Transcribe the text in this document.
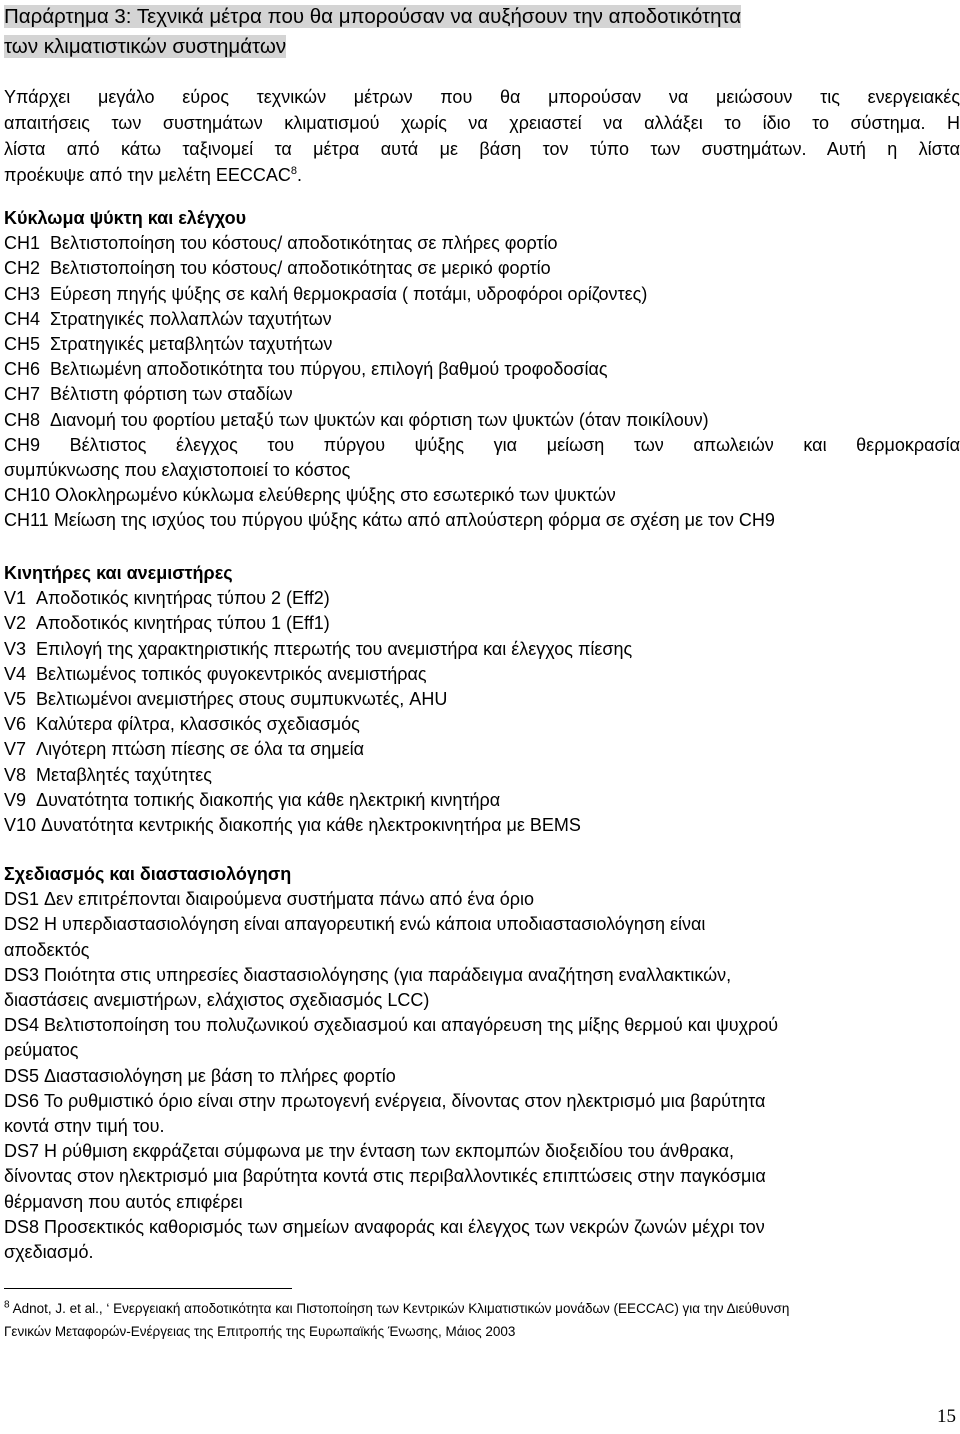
Παράρτημα 3: Τεχνικά μέτρα που θα μπορούσαν να αυξήσουν την αποδοτικότητα
των κλιματιστικών συστημάτων
Υπάρχει μεγάλο εύρος τεχνικών μέτρων που θα μπορούσαν να μειώσουν τις ενεργειακές
απαιτήσεις των συστημάτων κλιματισμού χωρίς να χρειαστεί να αλλάξει το ίδιο το σύστημα. Η
λίστα από κάτω ταξινομεί τα μέτρα αυτά με βάση τον τύπο των συστημάτων. Αυτή η λίστα
προέκυψε από την μελέτη EECCAC$^8$.
Κύκλωμα ψύκτη και ελέγχου
CH1 Βελτιστοποίηση του κόστους/ αποδοτικότητας σε πλήρες φορτίο
CH2 Βελτιστοποίηση του κόστους/ αποδοτικότητας σε μερικό φορτίο
CH3 Εύρεση πηγής ψύξης σε καλή θερμοκρασία ( ποτάμι, υδροφόροι ορίζοντες)
CH4 Στρατηγικές πολλαπλών ταχυτήτων
CH5 Στρατηγικές μεταβλητών ταχυτήτων
CH6 Βελτιωμένη αποδοτικότητα του πύργου, επιλογή βαθμού τροφοδοσίας
CH7 Βέλτιστη φόρτιση των σταδίων
CH8 Διανομή του φορτίου μεταξύ των ψυκτών και φόρτιση των ψυκτών (όταν ποικίλουν)
CH9 Βέλτιστος έλεγχος του πύργου ψύξης για μείωση των απωλειών και θερμοκρασία
συμπύκνωσης που ελαχιστοποιεί το κόστος
CH10 Ολοκληρωμένο κύκλωμα ελεύθερης ψύξης στο εσωτερικό των ψυκτών
CH11 Μείωση της ισχύος του πύργου ψύξης κάτω από απλούστερη φόρμα σε σχέση με τον CH9
Κινητήρες και ανεμιστήρες
V1 Αποδοτικός κινητήρας τύπου 2 (Eff2)
V2 Αποδοτικός κινητήρας τύπου 1 (Eff1)
V3 Επιλογή της χαρακτηριστικής πτερωτής του ανεμιστήρα και έλεγχος πίεσης
V4 Βελτιωμένος τοπικός φυγοκεντρικός ανεμιστήρας
V5 Βελτιωμένοι ανεμιστήρες στους συμπυκνωτές, AHU
V6 Καλύτερα φίλτρα, κλασσικός σχεδιασμός
V7 Λιγότερη πτώση πίεσης σε όλα τα σημεία
V8 Μεταβλητές ταχύτητες
V9 Δυνατότητα τοπικής διακοπής για κάθε ηλεκτρική κινητήρα
V10 Δυνατότητα κεντρικής διακοπής για κάθε ηλεκτροκινητήρα με BEMS
Σχεδιασμός και διαστασιολόγηση
DS1 Δεν επιτρέπονται διαιρούμενα συστήματα πάνω από ένα όριο
DS2 Η υπερδιαστασιολόγηση είναι απαγορευτική ενώ κάποια υποδιαστασιολόγηση είναι
αποδεκτός
DS3 Ποιότητα στις υπηρεσίες διαστασιολόγησης (για παράδειγμα αναζήτηση εναλλακτικών,
διαστάσεις ανεμιστήρων, ελάχιστος σχεδιασμός LCC)
DS4 Βελτιστοποίηση του πολυζωνικού σχεδιασμού και απαγόρευση της μίξης θερμού και ψυχρού
ρεύματος
DS5 Διαστασιολόγηση με βάση το πλήρες φορτίο
DS6 Το ρυθμιστικό όριο είναι στην πρωτογενή ενέργεια, δίνοντας στον ηλεκτρισμό μια βαρύτητα
κοντά στην τιμή του.
DS7 Η ρύθμιση εκφράζεται σύμφωνα με την ένταση των εκπομπών διοξειδίου του άνθρακα,
δίνοντας στον ηλεκτρισμό μια βαρύτητα κοντά στις περιβαλλοντικές επιπτώσεις στην παγκόσμια
θέρμανση που αυτός επιφέρει
DS8 Προσεκτικός καθορισμός των σημείων αναφοράς και έλεγχος των νεκρών ζωνών μέχρι τον
σχεδιασμό.
$^8$ Adnot, J. et al., ‘ Ενεργειακή αποδοτικότητα και Πιστοποίηση των Κεντρικών Κλιματιστικών μονάδων (EECCAC) για την Διεύθυνση
Γενικών Μεταφορών-Ενέργειας της Επιτροπής της Ευρωπαϊκής Ένωσης, Μάιος 2003
15
